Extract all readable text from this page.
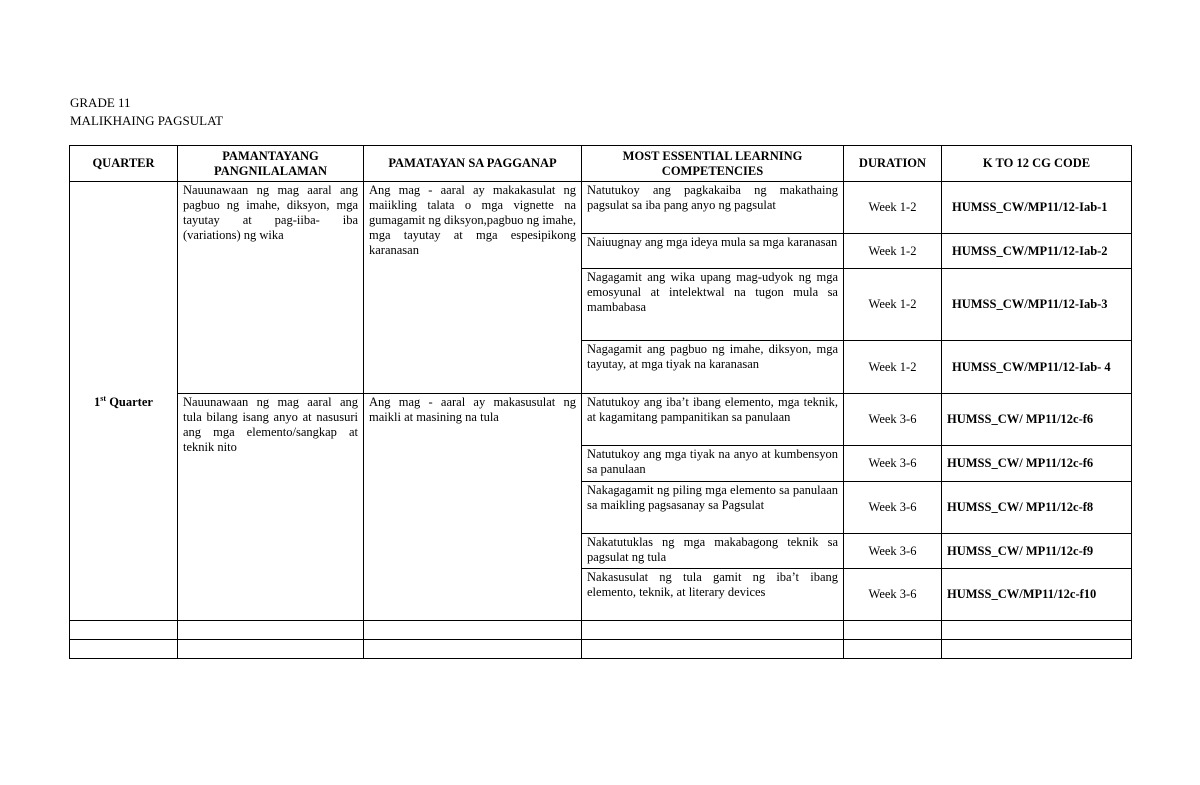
GRADE 11
MALIKHAING PAGSULAT
QUARTER	PAMANTAYANG PANGNILALAMAN	PAMATAYAN SA PAGGANAP	MOST ESSENTIAL LEARNING COMPETENCIES	DURATION	K TO 12 CG CODE
1st Quarter	Nauunawaan ng mag aaral ang pagbuo ng imahe, diksyon, mga tayutay at pag-iiba- iba (variations) ng wika	Ang mag - aaral ay makakasulat ng maiikling talata o mga vignette na gumagamit ng diksyon,pagbuo ng imahe, mga tayutay at mga espesipikong karanasan	Natutukoy ang pagkakaiba ng makathaing pagsulat sa iba pang anyo ng pagsulat	Week 1-2	HUMSS_CW/MP11/12-Iab-1
			Naiuugnay ang mga ideya mula sa mga karanasan	Week 1-2	HUMSS_CW/MP11/12-Iab-2
			Nagagamit ang wika upang mag-udyok ng mga emosyunal at intelektwal na tugon mula sa mambabasa	Week 1-2	HUMSS_CW/MP11/12-Iab-3
			Nagagamit ang pagbuo ng imahe, diksyon, mga tayutay, at mga tiyak na karanasan	Week 1-2	HUMSS_CW/MP11/12-Iab- 4
	Nauunawaan ng mag aaral ang tula bilang isang anyo at nasusuri ang mga elemento/sangkap at teknik nito	Ang mag - aaral ay makasusulat ng maikli at masining na tula	Natutukoy ang iba’t ibang elemento, mga teknik, at kagamitang pampanitikan sa panulaan	Week 3-6	HUMSS_CW/ MP11/12c-f6
			Natutukoy ang mga tiyak na anyo at kumbensyon sa panulaan	Week 3-6	HUMSS_CW/ MP11/12c-f6
			Nakagagamit ng piling mga elemento sa panulaan sa maikling pagsasanay sa Pagsulat	Week 3-6	HUMSS_CW/ MP11/12c-f8
			Nakatutuklas ng mga makabagong teknik sa pagsulat ng tula	Week 3-6	HUMSS_CW/ MP11/12c-f9
			Nakasusulat ng tula gamit ng iba’t ibang elemento, teknik, at literary devices	Week 3-6	HUMSS_CW/MP11/12c-f10
